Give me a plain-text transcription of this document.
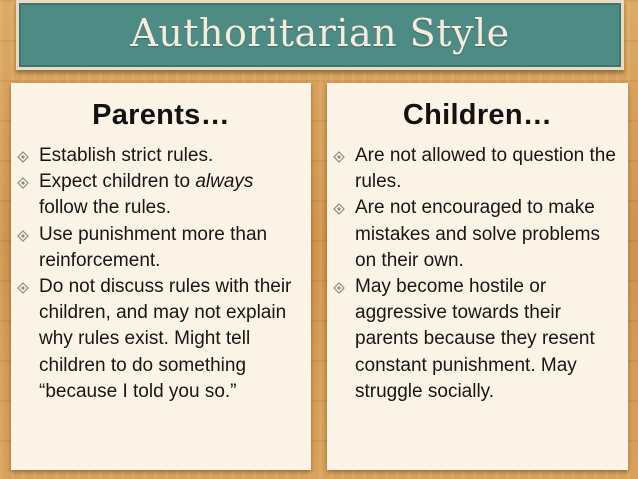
Authoritarian Style
Parents…
Establish strict rules.
Expect children to always follow the rules.
Use punishment more than reinforcement.
Do not discuss rules with their children, and may not explain why rules exist. Might tell children to do something “because I told you so.”
Children…
Are not allowed to question the rules.
Are not encouraged to make mistakes and solve problems on their own.
May become hostile or aggressive towards their parents because they resent constant punishment. May struggle socially.
